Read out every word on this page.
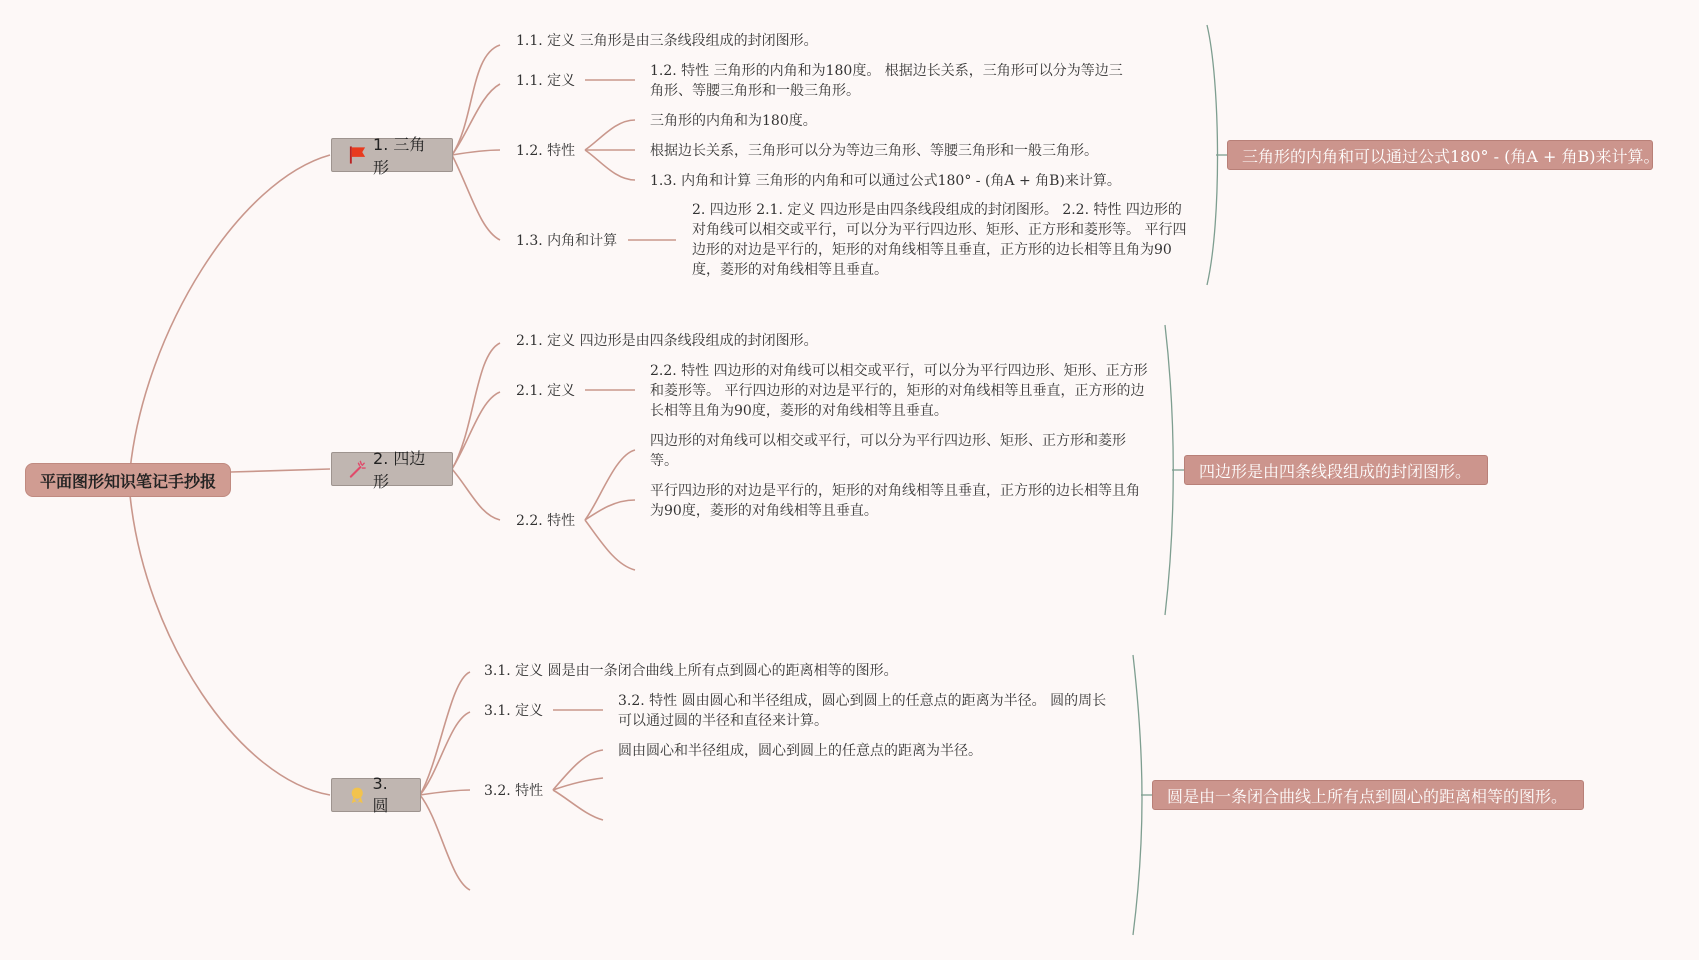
平面图形知识笔记手抄报
1. 三角形
1.1. 定义 三角形是由三条线段组成的封闭图形。
1.1. 定义
1.2. 特性 三角形的内角和为180度。 根据边长关系，三角形可以分为等边三角形、等腰三角形和一般三角形。
1.2. 特性
三角形的内角和为180度。
根据边长关系，三角形可以分为等边三角形、等腰三角形和一般三角形。
1.3. 内角和计算 三角形的内角和可以通过公式180° - (角A + 角B)来计算。
1.3. 内角和计算
2. 四边形 2.1. 定义 四边形是由四条线段组成的封闭图形。 2.2. 特性 四边形的对角线可以相交或平行，可以分为平行四边形、矩形、正方形和菱形等。 平行四边形的对边是平行的，矩形的对角线相等且垂直，正方形的边长相等且角为90度，菱形的对角线相等且垂直。
三角形的内角和可以通过公式180° - (角A + 角B)来计算。
2. 四边形
2.1. 定义 四边形是由四条线段组成的封闭图形。
2.1. 定义
2.2. 特性 四边形的对角线可以相交或平行，可以分为平行四边形、矩形、正方形和菱形等。 平行四边形的对边是平行的，矩形的对角线相等且垂直，正方形的边长相等且角为90度，菱形的对角线相等且垂直。
2.2. 特性
四边形的对角线可以相交或平行，可以分为平行四边形、矩形、正方形和菱形等。
平行四边形的对边是平行的，矩形的对角线相等且垂直，正方形的边长相等且角为90度，菱形的对角线相等且垂直。
四边形是由四条线段组成的封闭图形。
3. 圆
3.1. 定义 圆是由一条闭合曲线上所有点到圆心的距离相等的图形。
3.1. 定义
3.2. 特性 圆由圆心和半径组成，圆心到圆上的任意点的距离为半径。 圆的周长可以通过圆的半径和直径来计算。
3.2. 特性
圆由圆心和半径组成，圆心到圆上的任意点的距离为半径。
圆是由一条闭合曲线上所有点到圆心的距离相等的图形。
